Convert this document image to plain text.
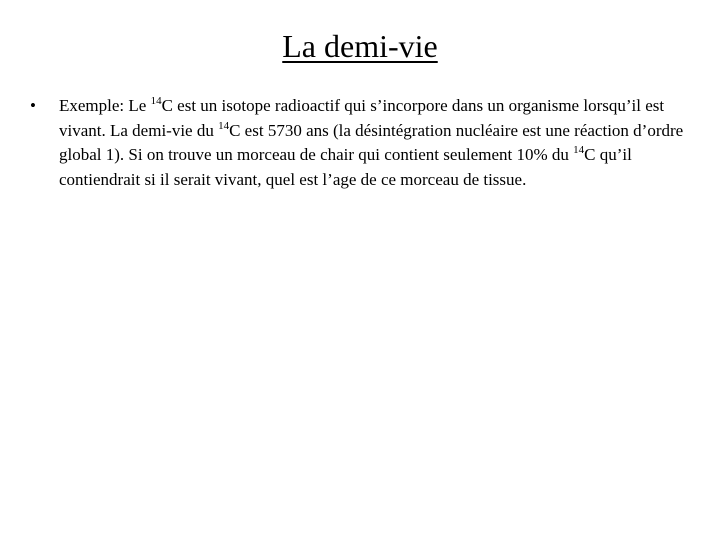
La demi-vie
•	Exemple: Le $^{14}$C est un isotope radioactif qui s’incorpore dans un organisme lorsqu’il est vivant. La demi-vie du $^{14}$C est 5730 ans (la désintégration nucléaire est une réaction d’ordre global 1). Si on trouve un morceau de chair qui contient seulement 10% du $^{14}$C qu’il contiendrait si il serait vivant, quel est l’age de ce morceau de tissue.
